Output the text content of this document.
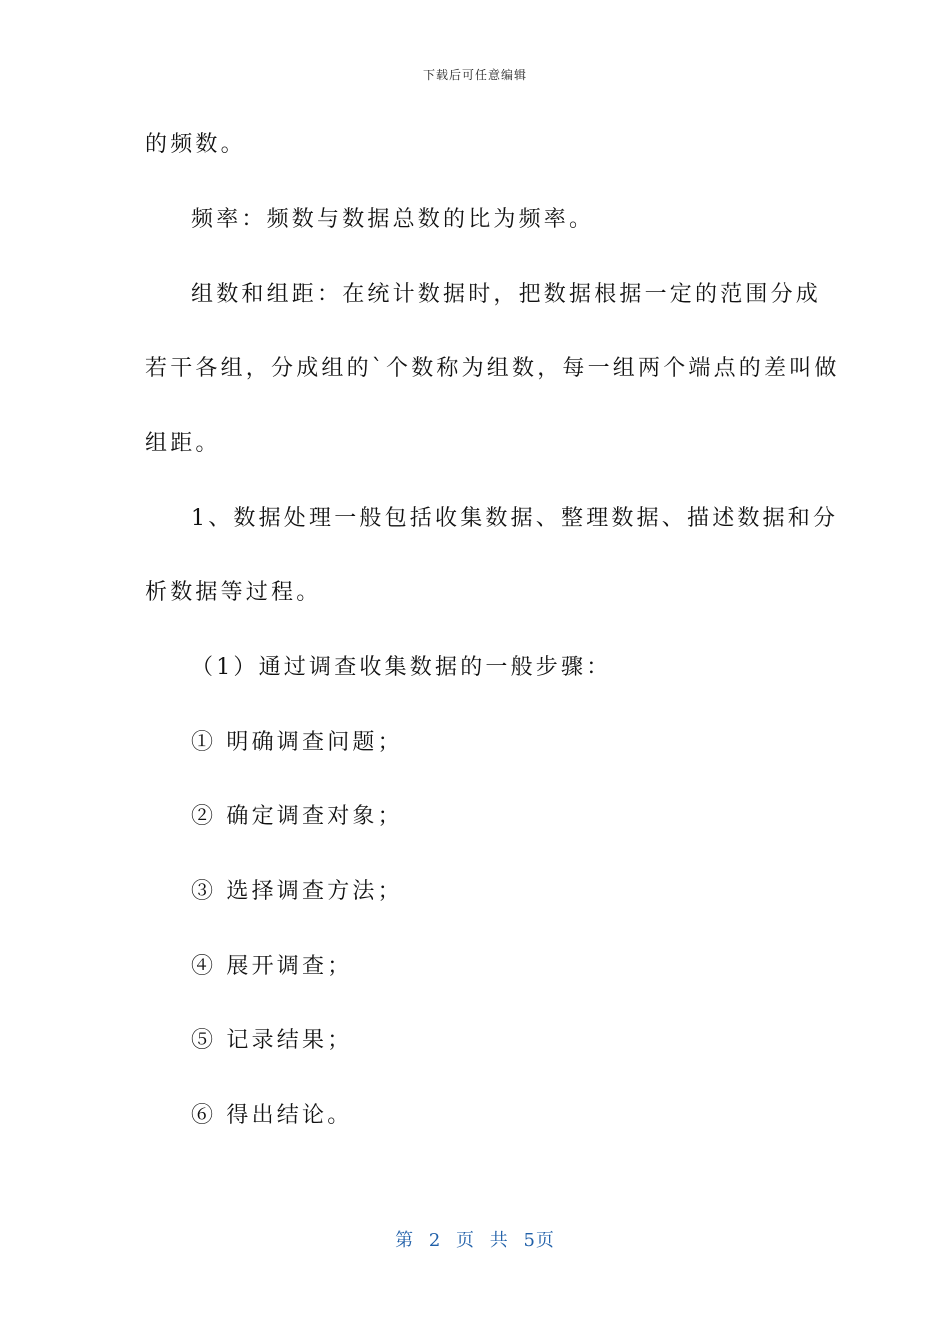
下载后可任意编辑
的频数。
频率：频数与数据总数的比为频率。
组数和组距：在统计数据时，把数据根据一定的范围分成
若干各组，分成组的`个数称为组数，每一组两个端点的差叫做
组距。
1、数据处理一般包括收集数据、整理数据、描述数据和分
析数据等过程。
（1）通过调查收集数据的一般步骤：
① 明确调查问题；
② 确定调查对象；
③ 选择调查方法；
④ 展开调查；
⑤ 记录结果；
⑥ 得出结论。
第 2 页 共 5页
